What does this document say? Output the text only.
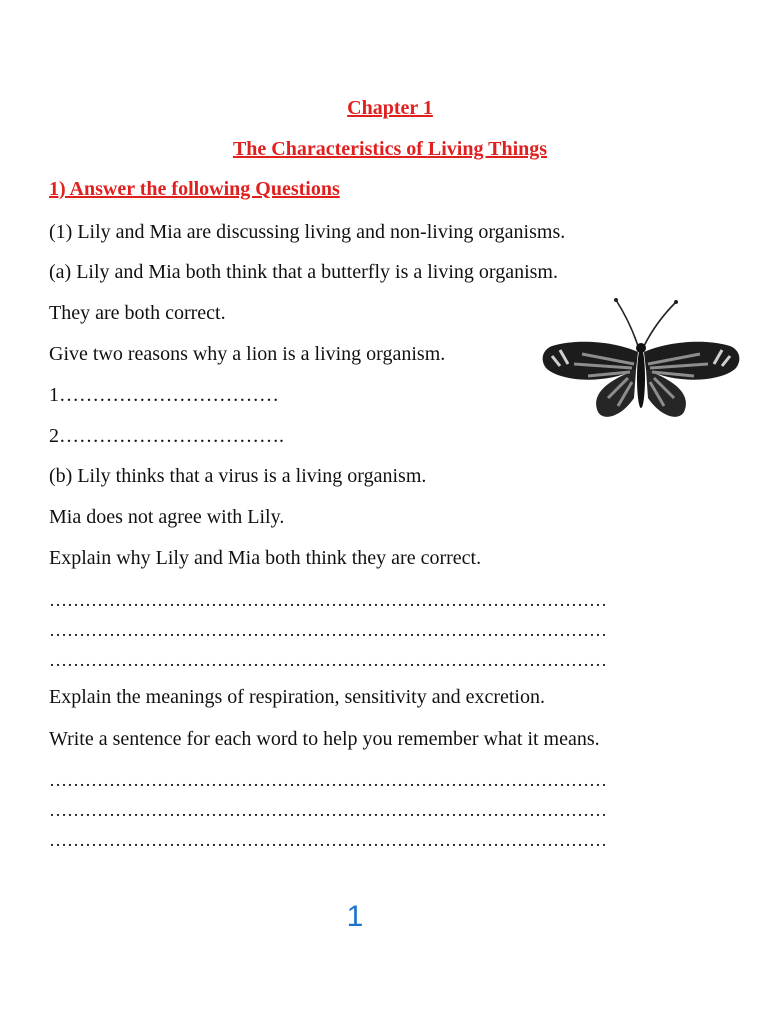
Chapter 1
The Characteristics of Living Things
1) Answer the following Questions
(1) Lily and Mia are discussing living and non-living organisms.
(a) Lily and Mia both think that a butterfly is a living organism.
They are both correct.
Give two reasons why a lion is a living organism.
1……………………………
2…………………………….
(b) Lily thinks that a virus is a living organism.
Mia does not agree with Lily.
Explain why Lily and Mia both think they are correct.
…………………………………………………………………………………
…………………………………………………………………………………
…………………………………………………………………………………
Explain the meanings of respiration, sensitivity and excretion.
Write a sentence for each word to help you remember what it means.
…………………………………………………………………………………
…………………………………………………………………………………
…………………………………………………………………………………
1
